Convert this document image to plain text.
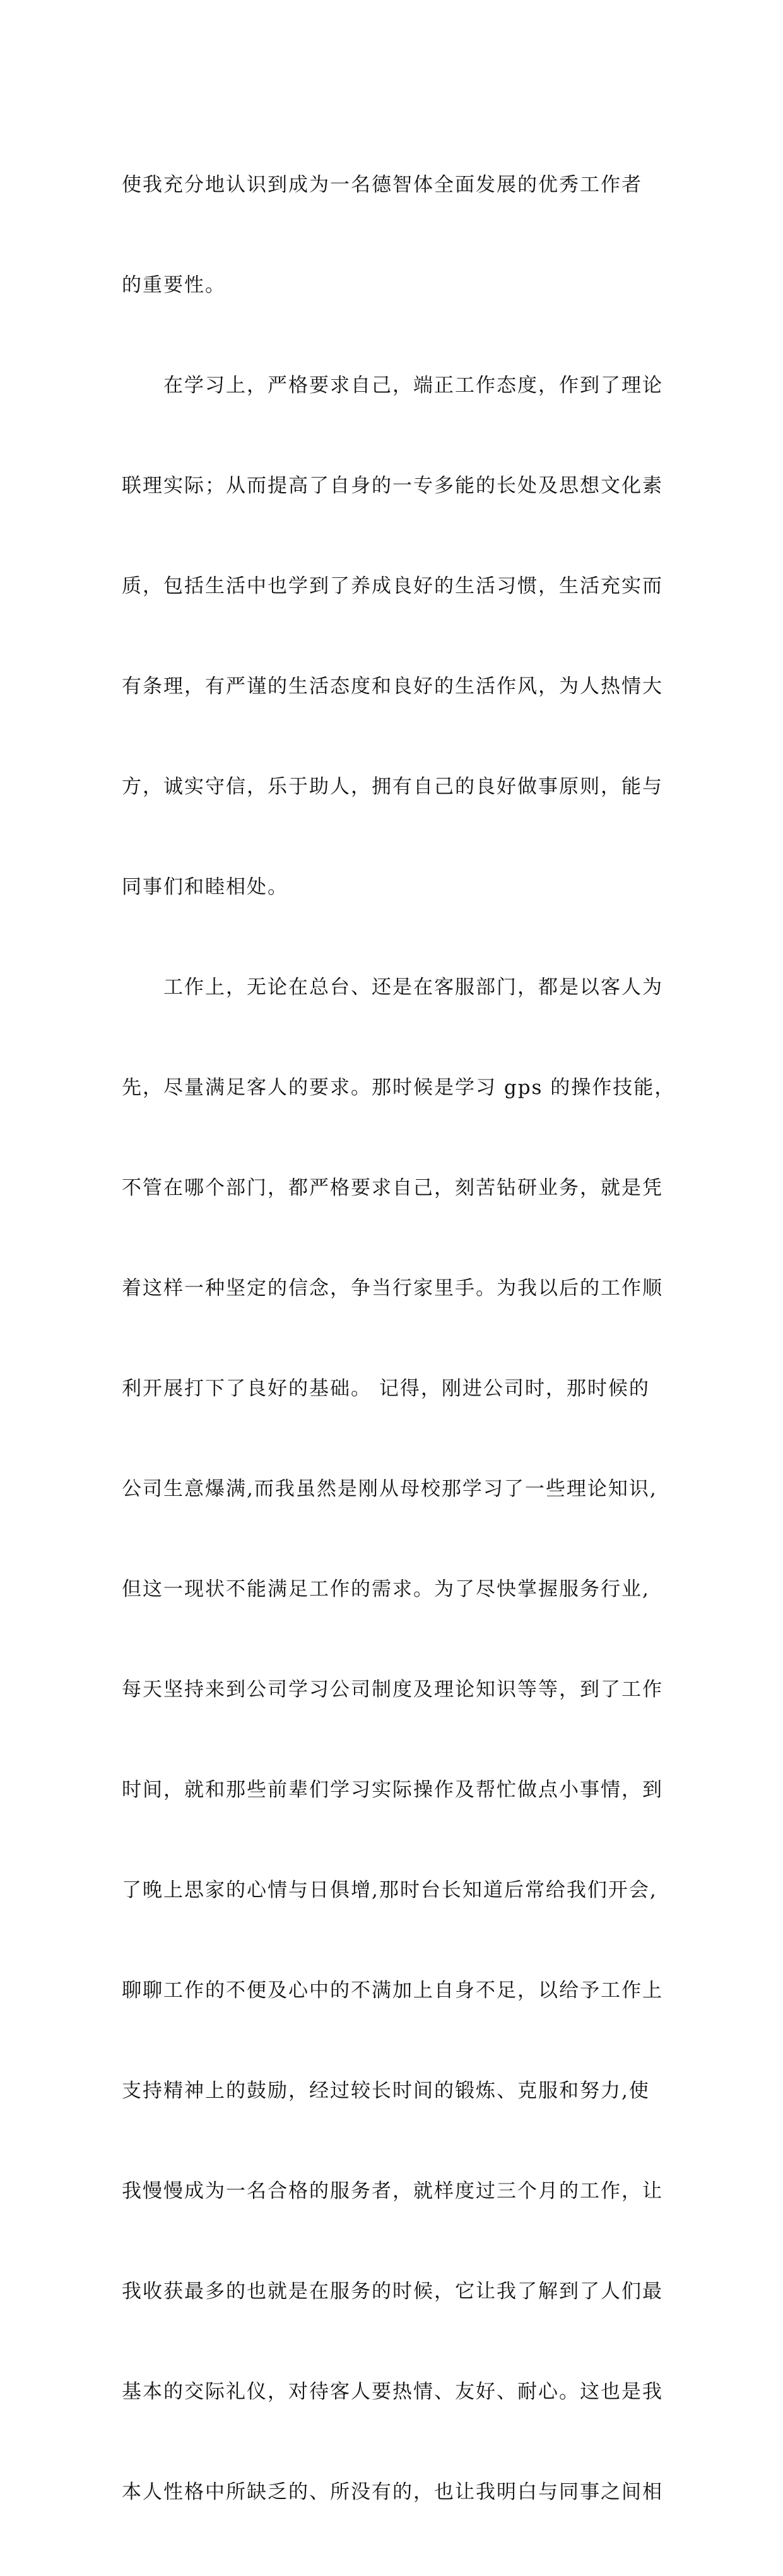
使我充分地认识到成为一名德智体全面发展的优秀工作者

的重要性。

　　在学习上，严格要求自己，端正工作态度，作到了理论

联理实际；从而提高了自身的一专多能的长处及思想文化素

质，包括生活中也学到了养成良好的生活习惯，生活充实而

有条理，有严谨的生活态度和良好的生活作风，为人热情大

方，诚实守信，乐于助人，拥有自己的良好做事原则，能与

同事们和睦相处。

　　工作上，无论在总台、还是在客服部门，都是以客人为

先，尽量满足客人的要求。那时候是学习 gps 的操作技能，

不管在哪个部门，都严格要求自己，刻苦钻研业务，就是凭

着这样一种坚定的信念，争当行家里手。为我以后的工作顺

利开展打下了良好的基础。 记得，刚进公司时，那时候的

公司生意爆满,而我虽然是刚从母校那学习了一些理论知识,

但这一现状不能满足工作的需求。为了尽快掌握服务行业,

每天坚持来到公司学习公司制度及理论知识等等，到了工作

时间，就和那些前辈们学习实际操作及帮忙做点小事情，到

了晚上思家的心情与日俱增,那时台长知道后常给我们开会,

聊聊工作的不便及心中的不满加上自身不足，以给予工作上

支持精神上的鼓励，经过较长时间的锻炼、克服和努力,使

我慢慢成为一名合格的服务者，就样度过三个月的工作，让

我收获最多的也就是在服务的时候，它让我了解到了人们最

基本的交际礼仪，对待客人要热情、友好、耐心。这也是我

本人性格中所缺乏的、所没有的，也让我明白与同事之间相
